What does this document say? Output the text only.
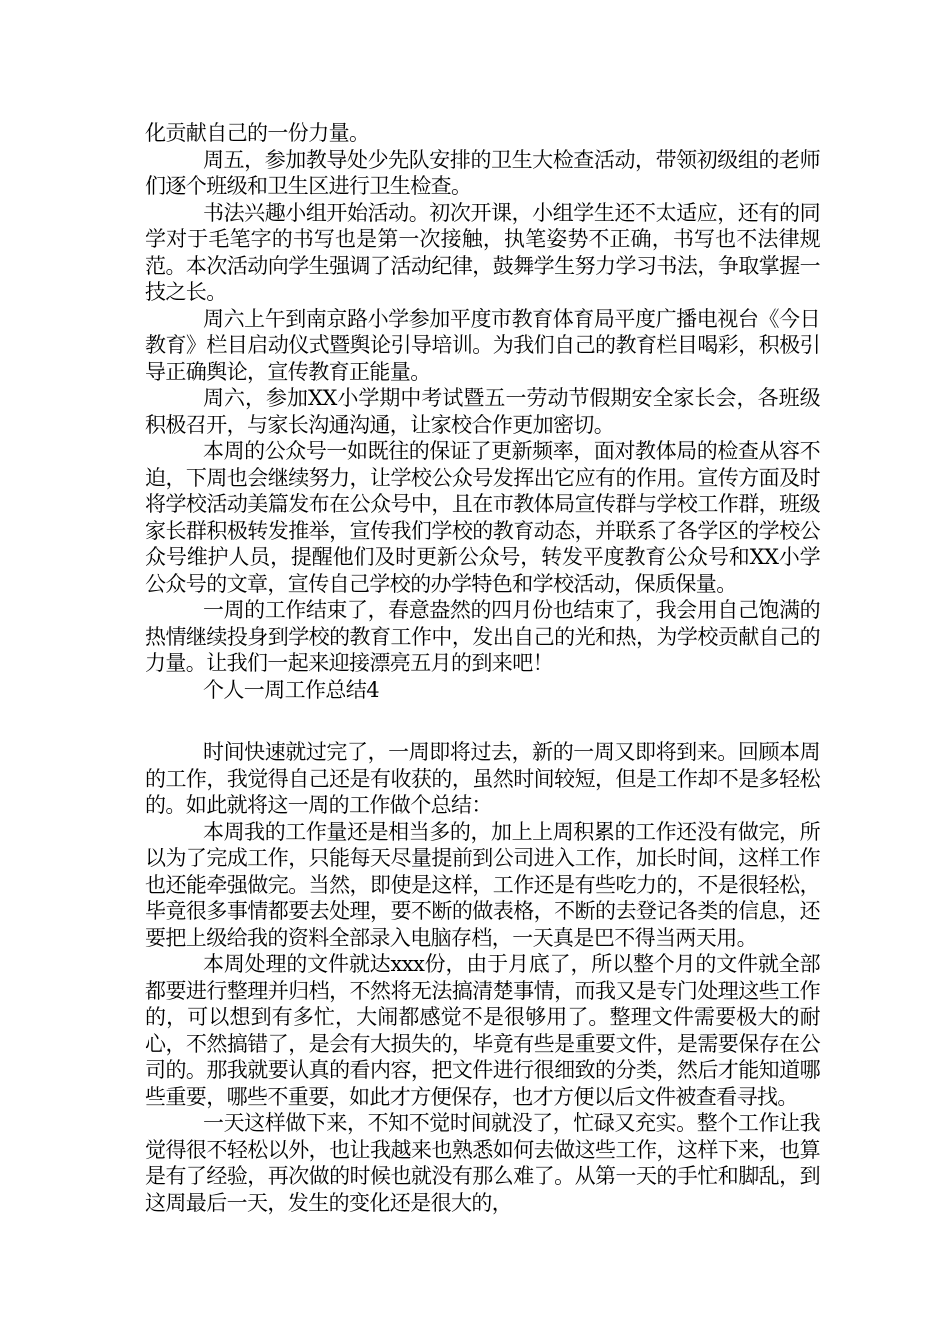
化贡献自己的一份力量。

周五，参加教导处少先队安排的卫生大检查活动，带领初级组的老师们逐个班级和卫生区进行卫生检查。

书法兴趣小组开始活动。初次开课，小组学生还不太适应，还有的同学对于毛笔字的书写也是第一次接触，执笔姿势不正确，书写也不法律规范。本次活动向学生强调了活动纪律，鼓舞学生努力学习书法，争取掌握一技之长。

周六上午到南京路小学参加平度市教育体育局平度广播电视台《今日教育》栏目启动仪式暨舆论引导培训。为我们自己的教育栏目喝彩，积极引导正确舆论，宣传教育正能量。

周六，参加XX小学期中考试暨五一劳动节假期安全家长会，各班级积极召开，与家长沟通沟通，让家校合作更加密切。

本周的公众号一如既往的保证了更新频率，面对教体局的检查从容不迫，下周也会继续努力，让学校公众号发挥出它应有的作用。宣传方面及时将学校活动美篇发布在公众号中，且在市教体局宣传群与学校工作群，班级家长群积极转发推举，宣传我们学校的教育动态，并联系了各学区的学校公众号维护人员，提醒他们及时更新公众号，转发平度教育公众号和XX小学公众号的文章，宣传自己学校的办学特色和学校活动，保质保量。

一周的工作结束了，春意盎然的四月份也结束了，我会用自己饱满的热情继续投身到学校的教育工作中，发出自己的光和热，为学校贡献自己的力量。让我们一起来迎接漂亮五月的到来吧！

个人一周工作总结4

时间快速就过完了，一周即将过去，新的一周又即将到来。回顾本周的工作，我觉得自己还是有收获的，虽然时间较短，但是工作却不是多轻松的。如此就将这一周的工作做个总结：

本周我的工作量还是相当多的，加上上周积累的工作还没有做完，所以为了完成工作，只能每天尽量提前到公司进入工作，加长时间，这样工作也还能牵强做完。当然，即使是这样，工作还是有些吃力的，不是很轻松，毕竟很多事情都要去处理，要不断的做表格，不断的去登记各类的信息，还要把上级给我的资料全部录入电脑存档，一天真是巴不得当两天用。

本周处理的文件就达xxx份，由于月底了，所以整个月的文件就全部都要进行整理并归档，不然将无法搞清楚事情，而我又是专门处理这些工作的，可以想到有多忙，大闹都感觉不是很够用了。整理文件需要极大的耐心，不然搞错了，是会有大损失的，毕竟有些是重要文件，是需要保存在公司的。那我就要认真的看内容，把文件进行很细致的分类，然后才能知道哪些重要，哪些不重要，如此才方便保存，也才方便以后文件被查看寻找。

一天这样做下来，不知不觉时间就没了，忙碌又充实。整个工作让我觉得很不轻松以外，也让我越来也熟悉如何去做这些工作，这样下来，也算是有了经验，再次做的时候也就没有那么难了。从第一天的手忙和脚乱，到这周最后一天，发生的变化还是很大的，
